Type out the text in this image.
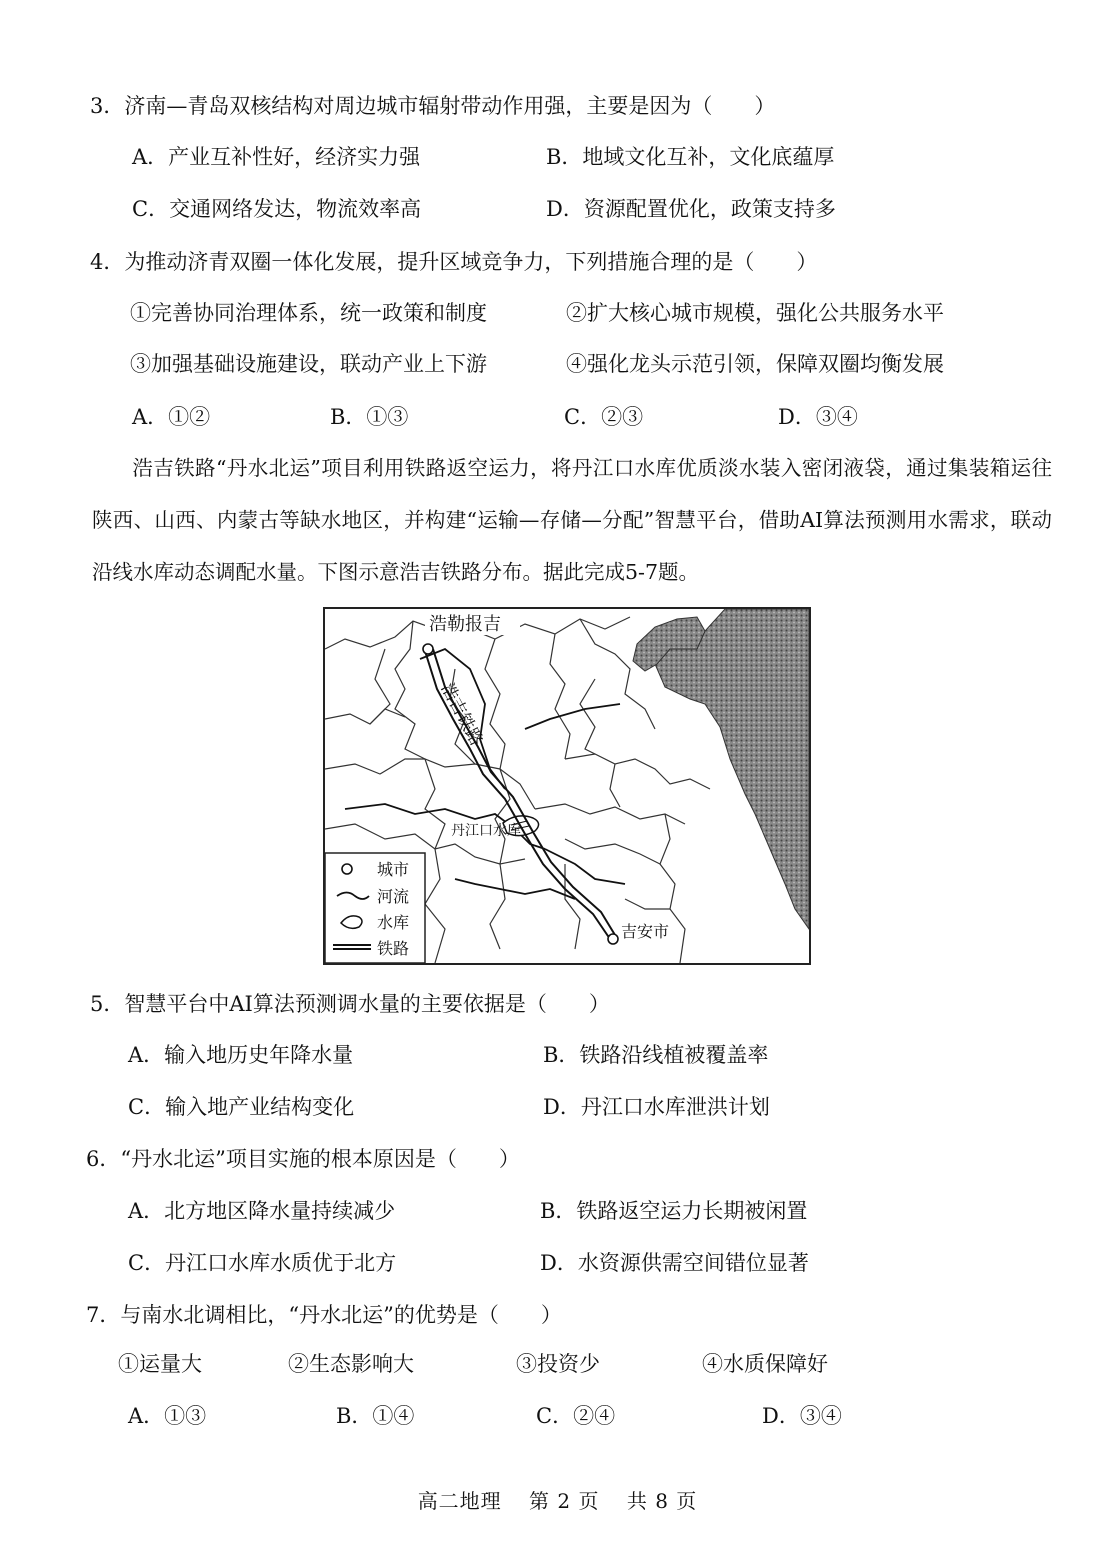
3．济南—青岛双核结构对周边城市辐射带动作用强，主要是因为（　　）
A．产业互补性好，经济实力强	B．地域文化互补，文化底蕴厚
C．交通网络发达，物流效率高	D．资源配置优化，政策支持多
4．为推动济青双圈一体化发展，提升区域竞争力，下列措施合理的是（　　）
①完善协同治理体系，统一政策和制度	②扩大核心城市规模，强化公共服务水平
③加强基础设施建设，联动产业上下游	④强化龙头示范引领，保障双圈均衡发展
A．①②	B．①③	C．②③	D．③④
浩吉铁路“丹水北运”项目利用铁路返空运力，将丹江口水库优质淡水装入密闭液袋，通过集装箱运往陕西、山西、内蒙古等缺水地区，并构建“运输—存储—分配”智慧平台，借助AI算法预测用水需求，联动沿线水库动态调配水量。下图示意浩吉铁路分布。据此完成5-7题。
浩勒报吉
浩吉铁路
丹江口水库
吉安市
城市
河流
水库
铁路
5．智慧平台中AI算法预测调水量的主要依据是（　　）
A．输入地历史年降水量	B．铁路沿线植被覆盖率
C．输入地产业结构变化	D．丹江口水库泄洪计划
6．“丹水北运”项目实施的根本原因是（　　）
A．北方地区降水量持续减少	B．铁路返空运力长期被闲置
C．丹江口水库水质优于北方	D．水资源供需空间错位显著
7．与南水北调相比，“丹水北运”的优势是（　　）
①运量大	②生态影响大	③投资少	④水质保障好
A．①③	B．①④	C．②④	D．③④
高二地理 第 2 页 共 8 页
